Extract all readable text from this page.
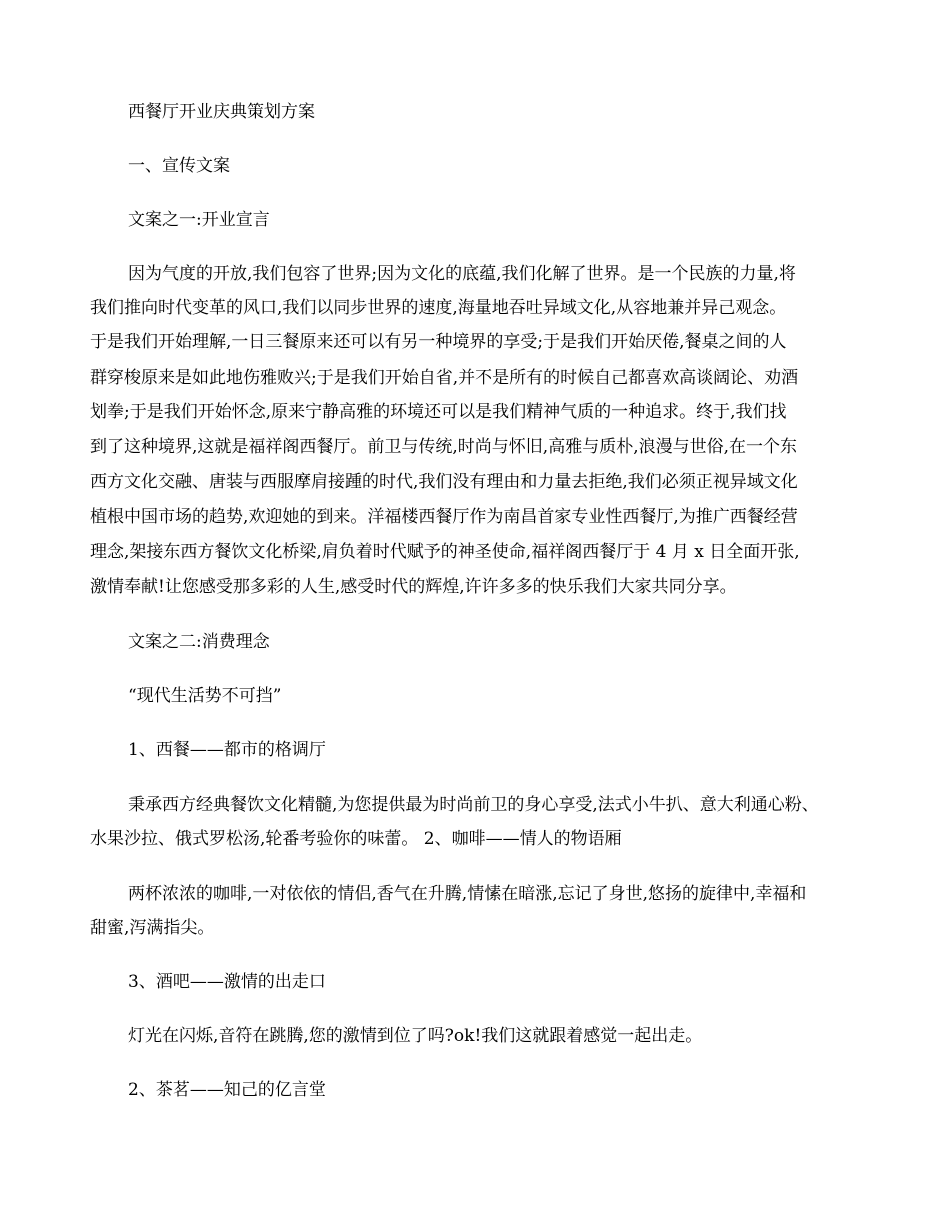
西餐厅开业庆典策划方案
一、宣传文案
文案之一:开业宣言
因为气度的开放,我们包容了世界;因为文化的底蕴,我们化解了世界。是一个民族的力量,将
我们推向时代变革的风口,我们以同步世界的速度,海量地吞吐异域文化,从容地兼并异己观念。
于是我们开始理解,一日三餐原来还可以有另一种境界的享受;于是我们开始厌倦,餐桌之间的人
群穿梭原来是如此地伤雅败兴;于是我们开始自省,并不是所有的时候自己都喜欢高谈阔论、劝酒
划拳;于是我们开始怀念,原来宁静高雅的环境还可以是我们精神气质的一种追求。终于,我们找
到了这种境界,这就是福祥阁西餐厅。前卫与传统,时尚与怀旧,高雅与质朴,浪漫与世俗,在一个东
西方文化交融、唐装与西服摩肩接踵的时代,我们没有理由和力量去拒绝,我们必须正视异域文化
植根中国市场的趋势,欢迎她的到来。洋福楼西餐厅作为南昌首家专业性西餐厅,为推广西餐经营
理念,架接东西方餐饮文化桥梁,肩负着时代赋予的神圣使命,福祥阁西餐厅于 4 月 x 日全面开张,
激情奉献!让您感受那多彩的人生,感受时代的辉煌,许许多多的快乐我们大家共同分享。
文案之二:消费理念
“现代生活势不可挡”
1、西餐——都市的格调厅
秉承西方经典餐饮文化精髓,为您提供最为时尚前卫的身心享受,法式小牛扒、意大利通心粉、
水果沙拉、俄式罗松汤,轮番考验你的味蕾。 2、咖啡——情人的物语厢
两杯浓浓的咖啡,一对依依的情侣,香气在升腾,情愫在暗涨,忘记了身世,悠扬的旋律中,幸福和
甜蜜,泻满指尖。
3、酒吧——激情的出走口
灯光在闪烁,音符在跳腾,您的激情到位了吗?ok!我们这就跟着感觉一起出走。
2、茶茗——知己的亿言堂
